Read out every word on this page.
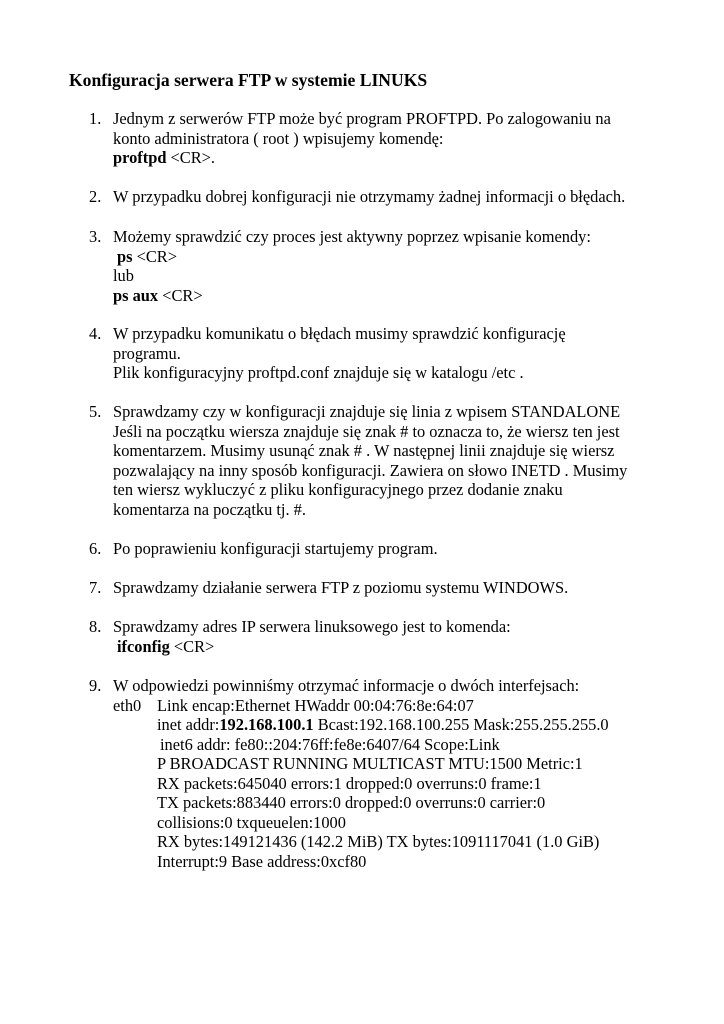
Konfiguracja serwera FTP w systemie LINUKS
1. Jednym z serwerów FTP może być program PROFTPD. Po zalogowaniu na
konto administratora ( root ) wpisujemy komendę:
proftpd <CR>.
2. W przypadku dobrej konfiguracji nie otrzymamy żadnej informacji o błędach.
3. Możemy sprawdzić czy proces jest aktywny poprzez wpisanie komendy:
ps <CR>
lub
ps aux <CR>
4. W przypadku komunikatu o błędach musimy sprawdzić konfigurację
programu.
Plik konfiguracyjny proftpd.conf znajduje się w katalogu /etc .
5. Sprawdzamy czy w konfiguracji znajduje się linia z wpisem STANDALONE
Jeśli na początku wiersza znajduje się znak # to oznacza to, że wiersz ten jest
komentarzem. Musimy usunąć znak # . W następnej linii znajduje się wiersz
pozwalający na inny sposób konfiguracji. Zawiera on słowo INETD . Musimy
ten wiersz wykluczyć z pliku konfiguracyjnego przez dodanie znaku
komentarza na początku tj. #.
6. Po poprawieniu konfiguracji startujemy program.
7. Sprawdzamy działanie serwera FTP z poziomu systemu WINDOWS.
8. Sprawdzamy adres IP serwera linuksowego jest to komenda:
ifconfig <CR>
9. W odpowiedzi powinniśmy otrzymać informacje o dwóch interfejsach:
eth0 Link encap:Ethernet HWaddr 00:04:76:8e:64:07
inet addr:192.168.100.1 Bcast:192.168.100.255 Mask:255.255.255.0
inet6 addr: fe80::204:76ff:fe8e:6407/64 Scope:Link
P BROADCAST RUNNING MULTICAST MTU:1500 Metric:1
RX packets:645040 errors:1 dropped:0 overruns:0 frame:1
TX packets:883440 errors:0 dropped:0 overruns:0 carrier:0
collisions:0 txqueuelen:1000
RX bytes:149121436 (142.2 MiB) TX bytes:1091117041 (1.0 GiB)
Interrupt:9 Base address:0xcf80
